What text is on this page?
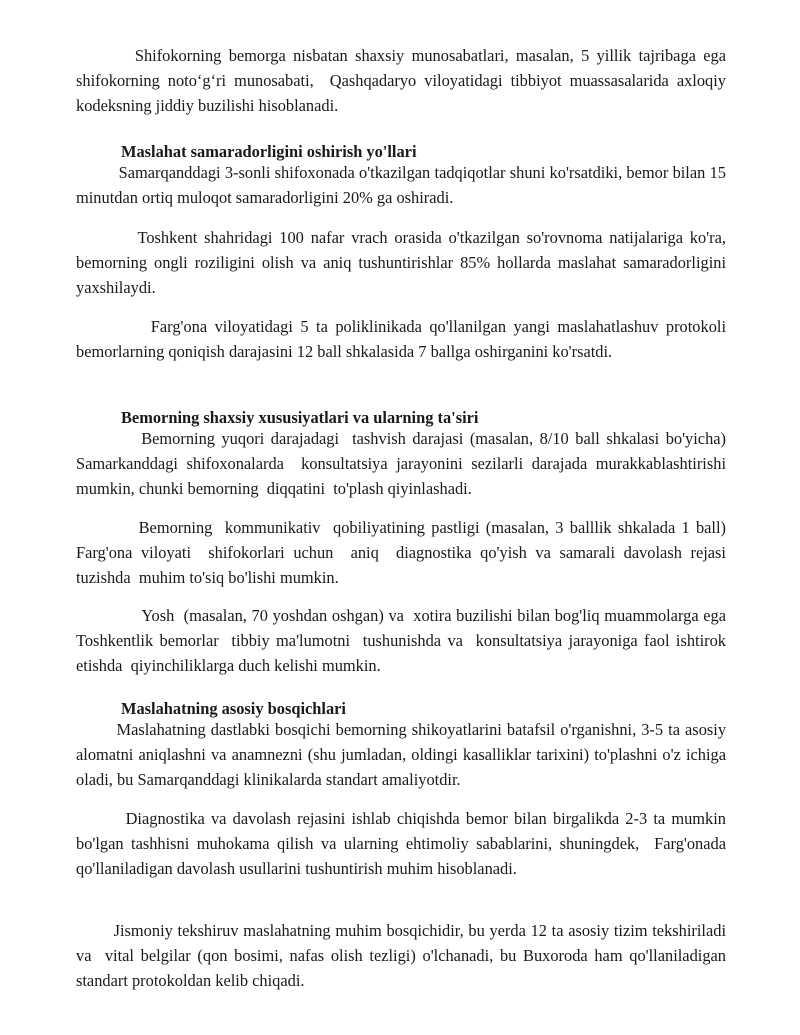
Shifokorning bemorga nisbatan shaxsiy munosabatlari, masalan, 5 yillik tajribaga ega shifokorning noto‘g‘ri munosabati,  Qashqadaryo viloyatidagi tibbiyot muassasalarida axloqiy kodeksning jiddiy buzilishi hisoblanadi.

Maslahat samaradorligini oshirish yo'llari

Samarqanddagi 3-sonli shifoxonada o'tkazilgan tadqiqotlar shuni ko'rsatdiki, bemor bilan 15 minutdan ortiq muloqot samaradorligini 20% ga oshiradi.

Toshkent shahridagi 100 nafar vrach orasida o'tkazilgan so'rovnoma natijalariga ko'ra, bemorning ongli roziligini olish va aniq tushuntirishlar 85% hollarda maslahat samaradorligini yaxshilaydi.

Farg'ona viloyatidagi 5 ta poliklinikada qo'llanilgan yangi maslahatlashuv protokoli bemorlarning qoniqish darajasini 12 ball shkalasida 7 ballga oshirganini ko'rsatdi.

Bemorning shaxsiy xususiyatlari va ularning ta'siri

Bemorning yuqori darajadagi  tashvish darajasi (masalan, 8/10 ball shkalasi bo'yicha) Samarkanddagi shifoxonalarda  konsultatsiya jarayonini sezilarli darajada murakkablashtirishi mumkin, chunki bemorning  diqqatini  to'plash qiyinlashadi.

Bemorning  kommunikativ  qobiliyatining pastligi (masalan, 3 balllik shkalada 1 ball)  Farg'ona viloyati  shifokorlari uchun  aniq  diagnostika qo'yish va samarali davolash rejasi tuzishda  muhim to'siq bo'lishi mumkin.

Yosh  (masalan, 70 yoshdan oshgan) va  xotira buzilishi bilan bog'liq muammolarga ega Toshkentlik bemorlar  tibbiy ma'lumotni  tushunishda va  konsultatsiya jarayoniga faol ishtirok etishda  qiyinchiliklarga duch kelishi mumkin.

Maslahatning asosiy bosqichlari

Maslahatning dastlabki bosqichi bemorning shikoyatlarini batafsil o'rganishni, 3-5 ta asosiy alomatni aniqlashni va anamnezni (shu jumladan, oldingi kasalliklar tarixini) to'plashni o'z ichiga oladi, bu Samarqanddagi klinikalarda standart amaliyotdir.

Diagnostika va davolash rejasini ishlab chiqishda bemor bilan birgalikda 2-3 ta mumkin bo'lgan tashhisni muhokama qilish va ularning ehtimoliy sabablarini, shuningdek,  Farg'onada qo'llaniladigan davolash usullarini tushuntirish muhim hisoblanadi.

Jismoniy tekshiruv maslahatning muhim bosqichidir, bu yerda 12 ta asosiy tizim tekshiriladi va  vital belgilar (qon bosimi, nafas olish tezligi) o'lchanadi, bu Buxoroda ham qo'llaniladigan standart protokoldan kelib chiqadi.
